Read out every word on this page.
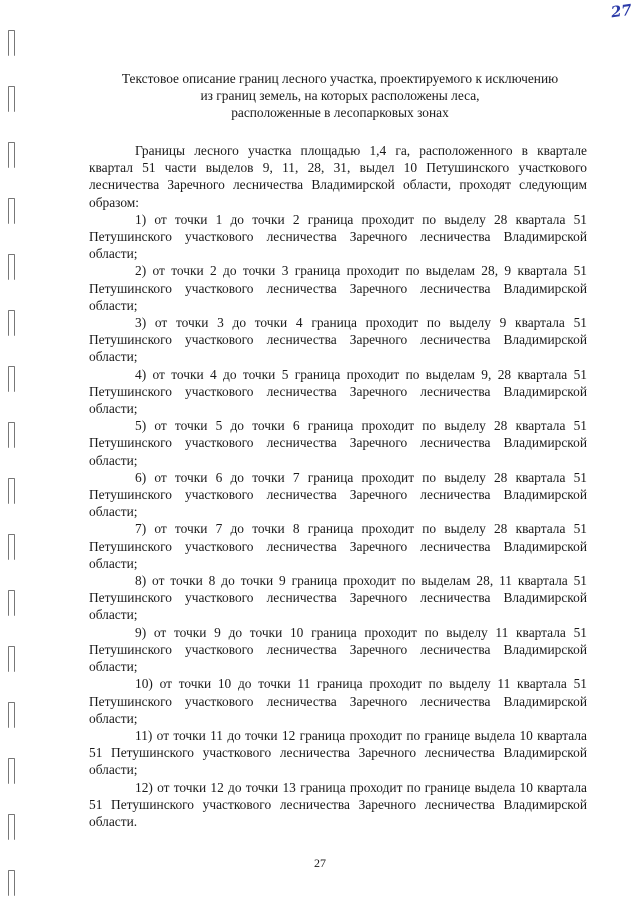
27
Текстовое описание границ лесного участка, проектируемого к исключению
из границ земель, на которых расположены леса,
расположенные в лесопарковых зонах

Границы лесного участка площадью 1,4 га, расположенного в квартале квартал 51 части выделов 9, 11, 28, 31, выдел 10 Петушинского участкового лесничества Заречного лесничества Владимирской области, проходят следующим образом:

1) от точки 1 до точки 2 граница проходит по выделу 28 квартала 51 Петушинского участкового лесничества Заречного лесничества Владимирской области;

2) от точки 2 до точки 3 граница проходит по выделам 28, 9 квартала 51 Петушинского участкового лесничества Заречного лесничества Владимирской области;

3) от точки 3 до точки 4 граница проходит по выделу 9 квартала 51 Петушинского участкового лесничества Заречного лесничества Владимирской области;

4) от точки 4 до точки 5 граница проходит по выделам 9, 28 квартала 51 Петушинского участкового лесничества Заречного лесничества Владимирской области;

5) от точки 5 до точки 6 граница проходит по выделу 28 квартала 51 Петушинского участкового лесничества Заречного лесничества Владимирской области;

6) от точки 6 до точки 7 граница проходит по выделу 28 квартала 51 Петушинского участкового лесничества Заречного лесничества Владимирской области;

7) от точки 7 до точки 8 граница проходит по выделу 28 квартала 51 Петушинского участкового лесничества Заречного лесничества Владимирской области;

8) от точки 8 до точки 9 граница проходит по выделам 28, 11 квартала 51 Петушинского участкового лесничества Заречного лесничества Владимирской области;

9) от точки 9 до точки 10 граница проходит по выделу 11 квартала 51 Петушинского участкового лесничества Заречного лесничества Владимирской области;

10) от точки 10 до точки 11 граница проходит по выделу 11 квартала 51 Петушинского участкового лесничества Заречного лесничества Владимирской области;

11) от точки 11 до точки 12 граница проходит по границе выдела 10 квартала 51 Петушинского участкового лесничества Заречного лесничества Владимирской области;

12) от точки 12 до точки 13 граница проходит по границе выдела 10 квартала 51 Петушинского участкового лесничества Заречного лесничества Владимирской области.

27
